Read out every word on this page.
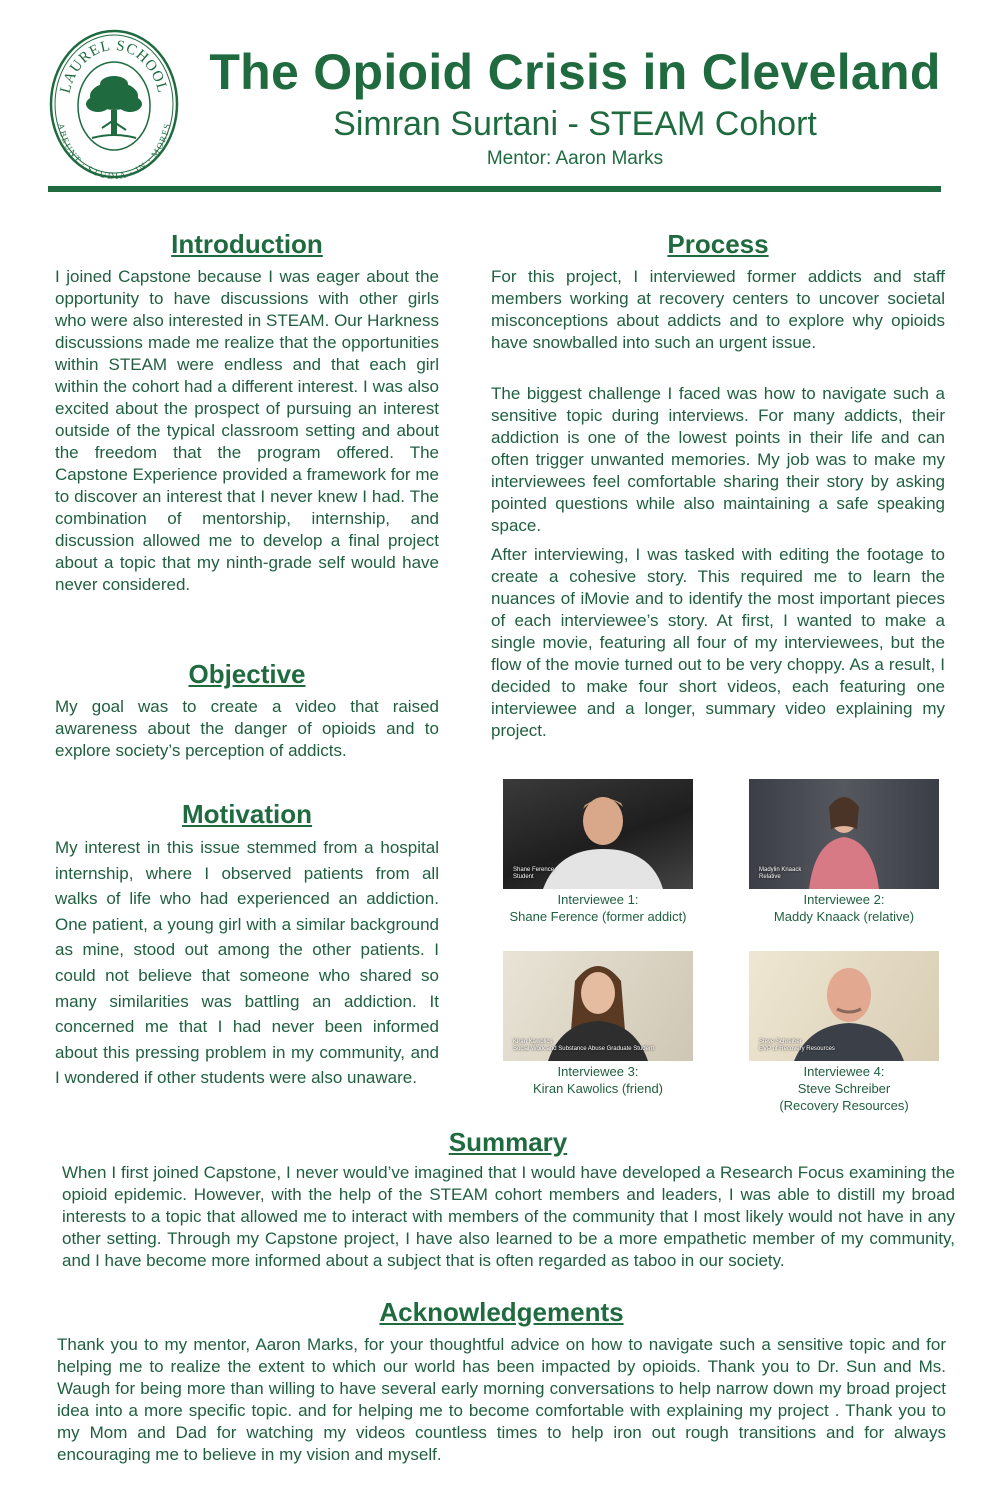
LAUREL SCHOOL
ABEUNT · STUDIA · IN · MORES
The Opioid Crisis in Cleveland
Simran Surtani - STEAM Cohort
Mentor: Aaron Marks
Introduction

I joined Capstone because I was eager about the opportunity to have discussions with other girls who were also interested in STEAM. Our Harkness discussions made me realize that the opportunities within STEAM were endless and that each girl within the cohort had a different interest. I was also excited about the prospect of pursuing an interest outside of the typical classroom setting and about the freedom that the program offered. The Capstone Experience provided a framework for me to discover an interest that I never knew I had. The combination of mentorship, internship, and discussion allowed me to develop a final project about a topic that my ninth-grade self would have never considered.

Objective

My goal was to create a video that raised awareness about the danger of opioids and to explore society’s perception of addicts.

Motivation

My interest in this issue stemmed from a hospital internship, where I observed patients from all walks of life who had experienced an addiction. One patient, a young girl with a similar background as mine, stood out among the other patients. I could not believe that someone who shared so many similarities was battling an addiction. It concerned me that I had never been informed about this pressing problem in my community, and I wondered if other students were also unaware.

Process

For this project, I interviewed former addicts and staff members working at recovery centers to uncover societal misconceptions about addicts and to explore why opioids have snowballed into such an urgent issue.

The biggest challenge I faced was how to navigate such a sensitive topic during interviews. For many addicts, their addiction is one of the lowest points in their life and can often trigger unwanted memories. My job was to make my interviewees feel comfortable sharing their story by asking pointed questions while also maintaining a safe speaking space.

After interviewing, I was tasked with editing the footage to create a cohesive story. This required me to learn the nuances of iMovie and to identify the most important pieces of each interviewee’s story. At first, I wanted to make a single movie, featuring all four of my interviewees, but the flow of the movie turned out to be very choppy. As a result, I decided to make four short videos, each featuring one interviewee and a longer, summary video explaining my project.

Shane Ference
Student
Madylin Knaack
Relative
Kiran Kawolics
Social Work and Substance Abuse Graduate Student
Steve Schreiber
EVP of Recovery Resources
Interviewee 1:
Shane Ference (former addict)
Interviewee 2:
Maddy Knaack (relative)
Interviewee 3:
Kiran Kawolics (friend)
Interviewee 4:
Steve Schreiber
(Recovery Resources)
Summary

When I first joined Capstone, I never would’ve imagined that I would have developed a Research Focus examining the opioid epidemic. However, with the help of the STEAM cohort members and leaders, I was able to distill my broad interests to a topic that allowed me to interact with members of the community that I most likely would not have in any other setting. Through my Capstone project, I have also learned to be a more empathetic member of my community, and I have become more informed about a subject that is often regarded as taboo in our society.

Acknowledgements

Thank you to my mentor, Aaron Marks, for your thoughtful advice on how to navigate such a sensitive topic and for helping me to realize the extent to which our world has been impacted by opioids. Thank you to Dr. Sun and Ms. Waugh for being more than willing to have several early morning conversations to help narrow down my broad project idea into a more specific topic. and for helping me to become comfortable with explaining my project . Thank you to my Mom and Dad for watching my videos countless times to help iron out rough transitions and for always encouraging me to believe in my vision and myself.
